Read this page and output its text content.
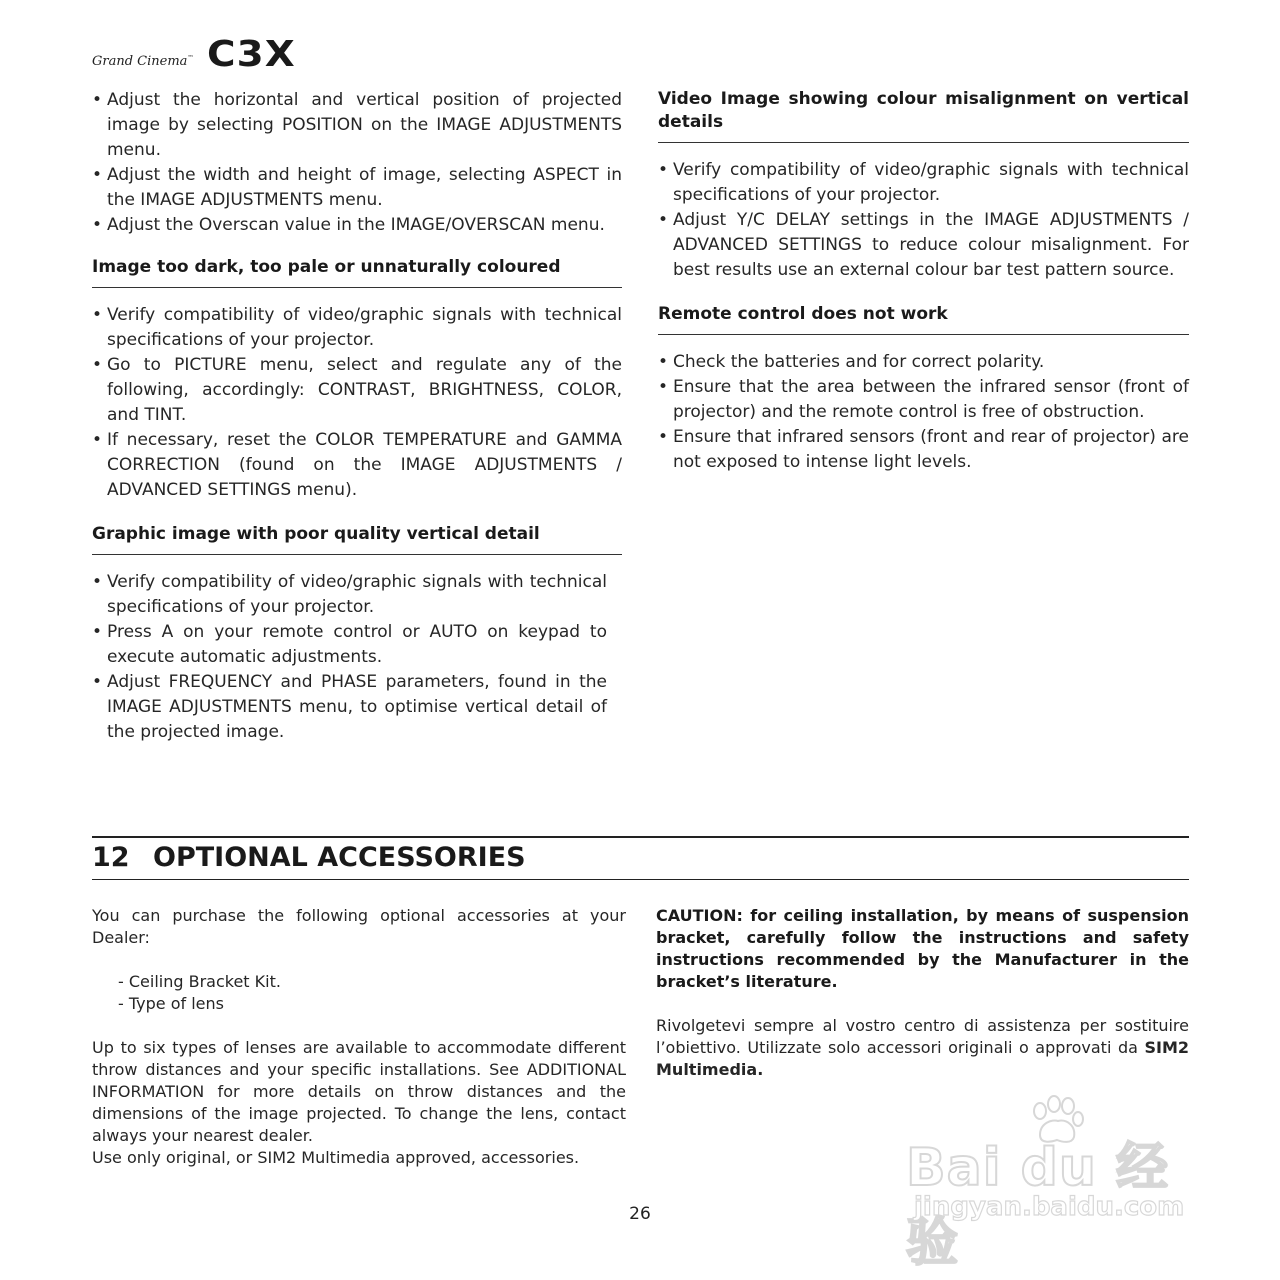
Grand Cinema™ C3X
• Adjust the horizontal and vertical position of projected image by selecting POSITION on the IMAGE ADJUSTMENTS menu.
• Adjust the width and height of image, selecting ASPECT in the IMAGE ADJUSTMENTS menu.
• Adjust the Overscan value in the IMAGE/OVERSCAN menu.
Image too dark, too pale or unnaturally coloured
• Verify compatibility of video/graphic signals with technical specifications of your projector.
• Go to PICTURE menu, select and regulate any of the following, accordingly: CONTRAST, BRIGHTNESS, COLOR, and TINT.
• If necessary, reset the COLOR TEMPERATURE and GAMMA CORRECTION (found on the IMAGE ADJUSTMENTS / ADVANCED SETTINGS menu).
Graphic image with poor quality vertical detail
• Verify compatibility of video/graphic signals with technical specifications of your projector.
• Press A on your remote control or AUTO on keypad to execute automatic adjustments.
• Adjust FREQUENCY and PHASE parameters, found in the IMAGE ADJUSTMENTS menu, to optimise vertical detail of the projected image.
Video Image showing colour misalignment on vertical details
• Verify compatibility of video/graphic signals with technical specifications of your projector.
• Adjust Y/C DELAY settings in the IMAGE ADJUSTMENTS / ADVANCED SETTINGS to reduce colour misalignment. For best results use an external colour bar test pattern source.
Remote control does not work
• Check the batteries and for correct polarity.
• Ensure that the area between the infrared sensor (front of projector) and the remote control is free of obstruction.
• Ensure that infrared sensors (front and rear of projector) are not exposed to intense light levels.
12 OPTIONAL ACCESSORIES

You can purchase the following optional accessories at your Dealer:

- Ceiling Bracket Kit.

- Type of lens

Up to six types of lenses are available to accommodate different throw distances and your specific installations. See ADDITIONAL INFORMATION for more details on throw distances and the dimensions of the image projected. To change the lens, contact always your nearest dealer.

Use only original, or SIM2 Multimedia approved, accessories.

CAUTION: for ceiling installation, by means of suspension bracket, carefully follow the instructions and safety instructions recommended by the Manufacturer in the bracket’s literature.

Rivolgetevi sempre al vostro centro di assistenza per sostituire l’obiettivo. Utilizzate solo accessori originali o approvati da SIM2 Multimedia.

26
Bai du 经验
jingyan.baidu.com
